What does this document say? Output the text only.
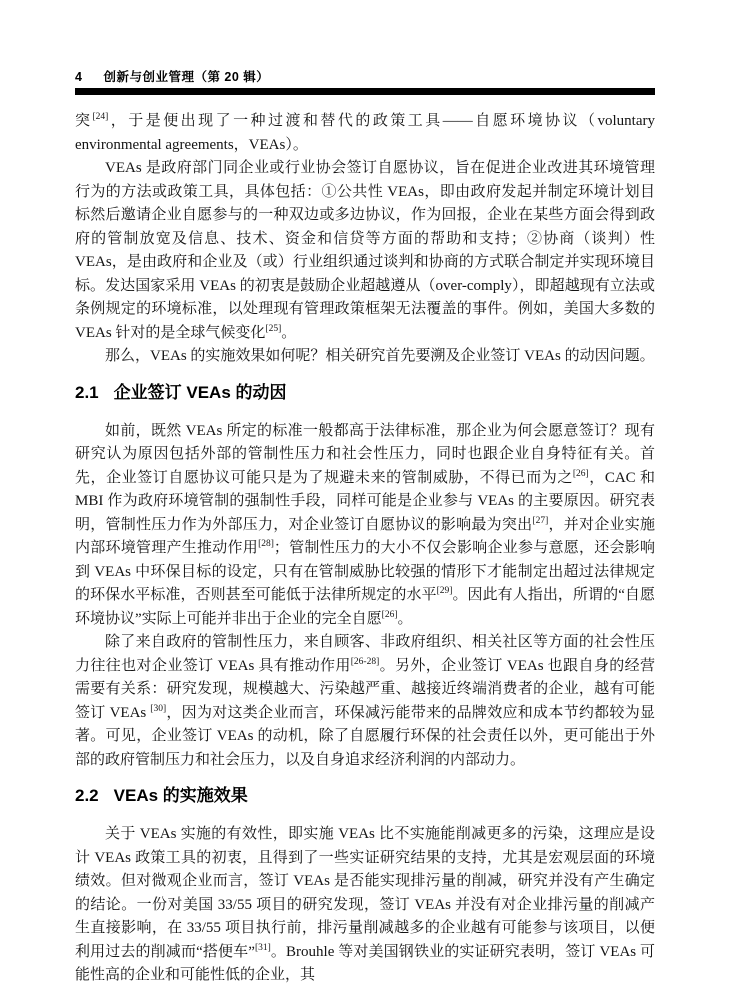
4 创新与创业管理（第 20 辑）

突[24]，于是便出现了一种过渡和替代的政策工具——自愿环境协议（voluntary environmental agreements，VEAs）。

VEAs 是政府部门同企业或行业协会签订自愿协议，旨在促进企业改进其环境管理行为的方法或政策工具，具体包括：①公共性 VEAs，即由政府发起并制定环境计划目标然后邀请企业自愿参与的一种双边或多边协议，作为回报，企业在某些方面会得到政府的管制放宽及信息、技术、资金和信贷等方面的帮助和支持；②协商（谈判）性 VEAs，是由政府和企业及（或）行业组织通过谈判和协商的方式联合制定并实现环境目标。发达国家采用 VEAs 的初衷是鼓励企业超越遵从（over-comply），即超越现有立法或条例规定的环境标准，以处理现有管理政策框架无法覆盖的事件。例如，美国大多数的 VEAs 针对的是全球气候变化[25]。

那么，VEAs 的实施效果如何呢？相关研究首先要溯及企业签订 VEAs 的动因问题。

2.1 企业签订 VEAs 的动因

如前，既然 VEAs 所定的标准一般都高于法律标准，那企业为何会愿意签订？现有研究认为原因包括外部的管制性压力和社会性压力，同时也跟企业自身特征有关。首先，企业签订自愿协议可能只是为了规避未来的管制威胁，不得已而为之[26]，CAC 和 MBI 作为政府环境管制的强制性手段，同样可能是企业参与 VEAs 的主要原因。研究表明，管制性压力作为外部压力，对企业签订自愿协议的影响最为突出[27]，并对企业实施内部环境管理产生推动作用[28]；管制性压力的大小不仅会影响企业参与意愿，还会影响到 VEAs 中环保目标的设定，只有在管制威胁比较强的情形下才能制定出超过法律规定的环保水平标准，否则甚至可能低于法律所规定的水平[29]。因此有人指出，所谓的“自愿环境协议”实际上可能并非出于企业的完全自愿[26]。

除了来自政府的管制性压力，来自顾客、非政府组织、相关社区等方面的社会性压力往往也对企业签订 VEAs 具有推动作用[26-28]。另外，企业签订 VEAs 也跟自身的经营需要有关系：研究发现，规模越大、污染越严重、越接近终端消费者的企业，越有可能签订 VEAs [30]，因为对这类企业而言，环保减污能带来的品牌效应和成本节约都较为显著。可见，企业签订 VEAs 的动机，除了自愿履行环保的社会责任以外，更可能出于外部的政府管制压力和社会压力，以及自身追求经济利润的内部动力。

2.2 VEAs 的实施效果

关于 VEAs 实施的有效性，即实施 VEAs 比不实施能削减更多的污染，这理应是设计 VEAs 政策工具的初衷，且得到了一些实证研究结果的支持，尤其是宏观层面的环境绩效。但对微观企业而言，签订 VEAs 是否能实现排污量的削减，研究并没有产生确定的结论。一份对美国 33/55 项目的研究发现，签订 VEAs 并没有对企业排污量的削减产生直接影响，在 33/55 项目执行前，排污量削减越多的企业越有可能参与该项目，以便利用过去的削减而“搭便车”[31]。Brouhle 等对美国钢铁业的实证研究表明，签订 VEAs 可能性高的企业和可能性低的企业，其
